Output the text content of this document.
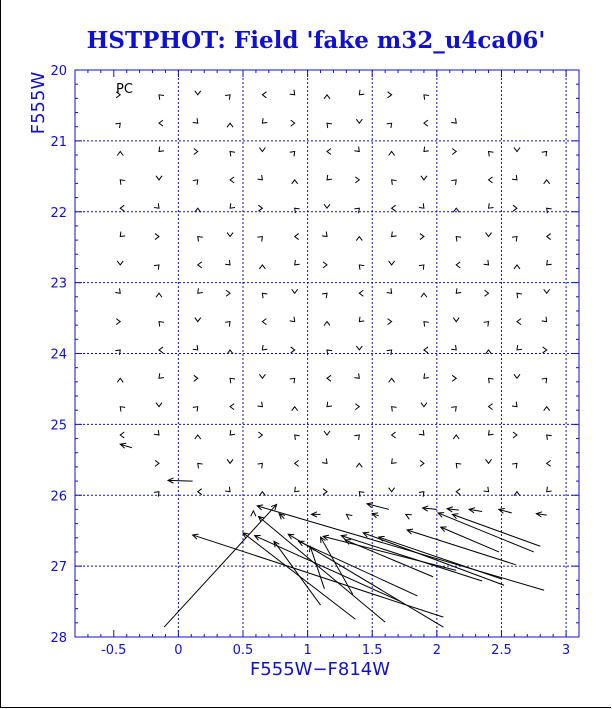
HSTPHOT: Field 'fake m32_u4ca06'
-0.5	0	0.5	1	1.5	2	2.5	3
20
21
22
23
24
25
26
27
28
PC
F555W−F814W
F555W
